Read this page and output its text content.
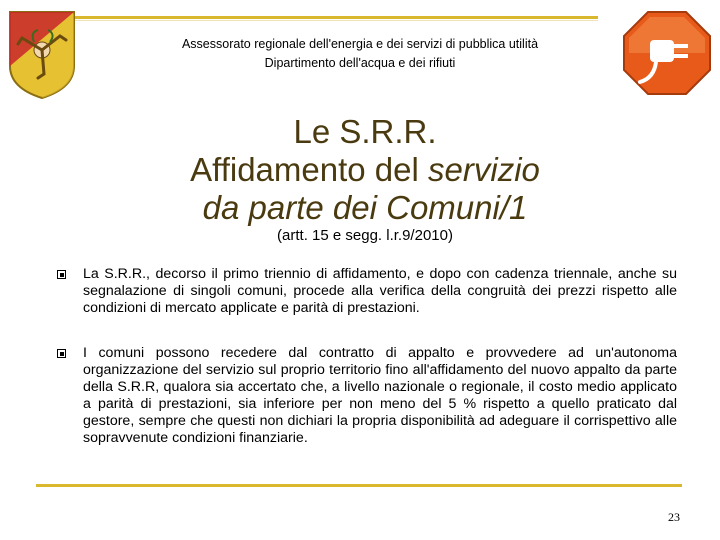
Assessorato regionale dell'energia e dei servizi di pubblica utilità
Dipartimento dell'acqua e dei rifiuti
Le S.R.R.
Affidamento del servizio
da parte dei Comuni/1
(artt. 15 e segg. l.r.9/2010)
La S.R.R., decorso il primo triennio di affidamento, e dopo con cadenza triennale, anche su segnalazione di singoli comuni, procede alla verifica della congruità dei prezzi rispetto alle condizioni di mercato applicate e parità di prestazioni.
I comuni possono recedere dal contratto di appalto e provvedere ad un'autonoma organizzazione del servizio sul proprio territorio fino all'affidamento del nuovo appalto da parte della S.R.R, qualora sia accertato che, a livello nazionale o regionale, il costo medio applicato a parità di prestazioni, sia inferiore per non meno del 5 % rispetto a quello praticato dal gestore, sempre che questi non dichiari la propria disponibilità ad adeguare il corrispettivo alle sopravvenute condizioni finanziarie.
23
